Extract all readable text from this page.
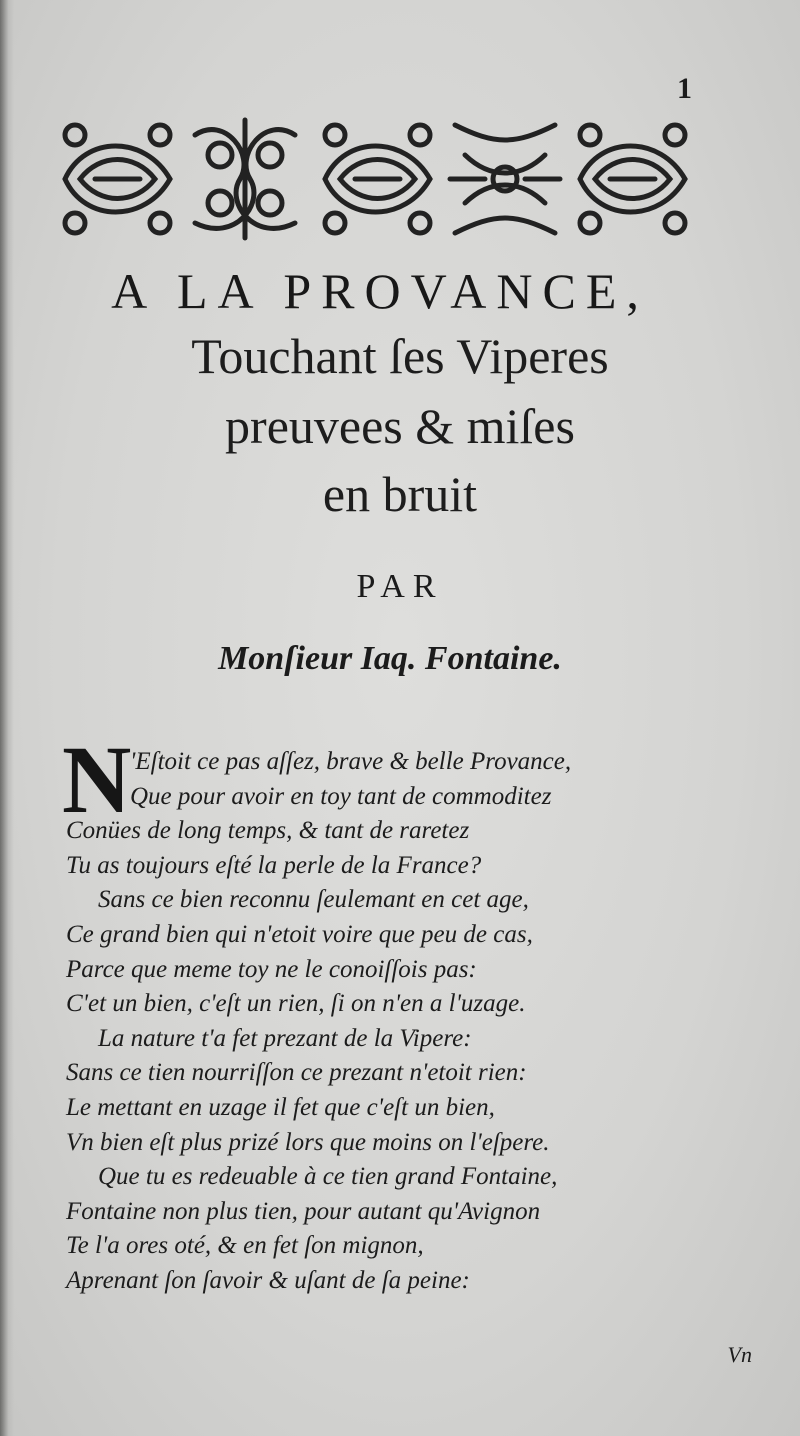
1
A LA PROVANCE,
Touchant ſes Viperes
preuvees & miſes
en bruit
PAR
Monſieur Iaq. Fontaine.
N
'Eſtoit ce pas aſſez, brave & belle Provance,
Que pour avoir en toy tant de commoditez
Conües de long temps, & tant de raretez
Tu as toujours eſté la perle de la France?
Sans ce bien reconnu ſeulemant en cet age,
Ce grand bien qui n'etoit voire que peu de cas,
Parce que meme toy ne le conoiſſois pas:
C'et un bien, c'eſt un rien, ſi on n'en a l'uzage.
La nature t'a fet prezant de la Vipere:
Sans ce tien nourriſſon ce prezant n'etoit rien:
Le mettant en uzage il fet que c'eſt un bien,
Vn bien eſt plus prizé lors que moins on l'eſpere.
Que tu es redeuable à ce tien grand Fontaine,
Fontaine non plus tien, pour autant qu'Avignon
Te l'a ores oté, & en fet ſon mignon,
Aprenant ſon ſavoir & uſant de ſa peine:
Vn
